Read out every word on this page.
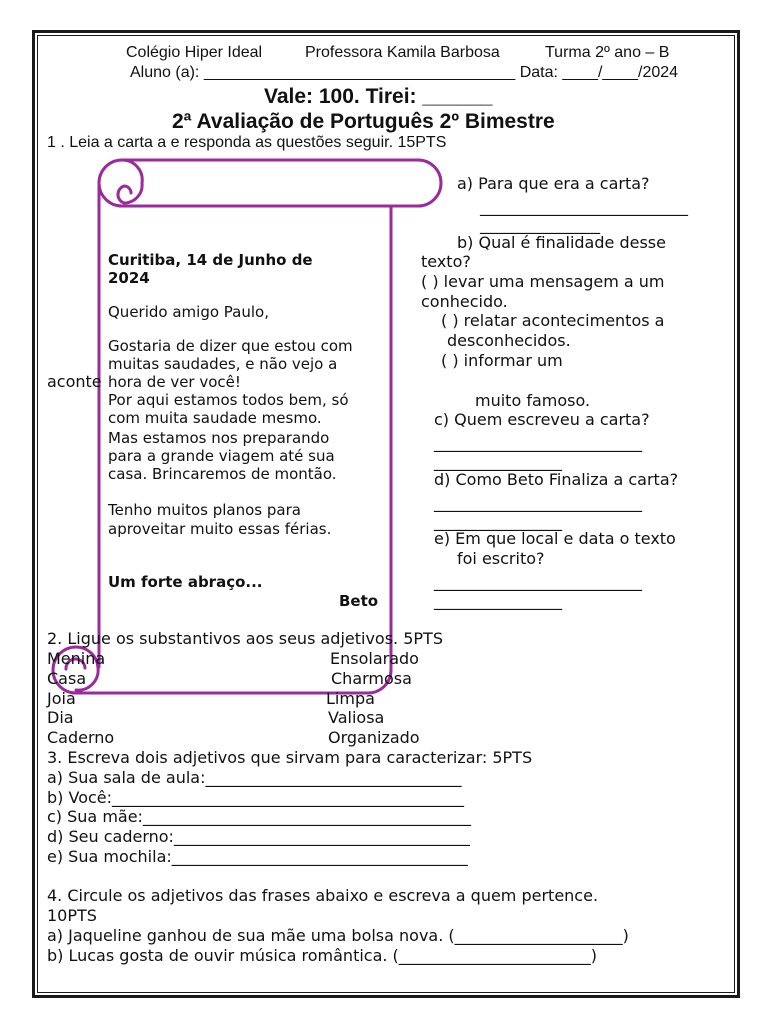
Colégio Hiper Ideal	Professora Kamila Barbosa	Turma 2º ano – B
Aluno (a): ___________________________________ Data: ____/____/2024
Vale: 100. Tirei: ______
2ª Avaliação de Português 2º Bimestre
1 . Leia a carta a e responda as questões seguir. 15PTS
Curitiba, 14 de Junho de
2024
Querido amigo Paulo,
Gostaria de dizer que estou com
muitas saudades, e não vejo a
hora de ver você!
Por aqui estamos todos bem, só
com muita saudade mesmo.
Mas estamos nos preparando
para a grande viagem até sua
casa. Brincaremos de montão.
Tenho muitos planos para
aproveitar muito essas férias.
Um forte abraço...
Beto
aconte
a) Para que era a carta?
__________________________
_______________
b) Qual é finalidade desse
texto?
( ) levar uma mensagem a um
conhecido.
( ) relatar acontecimentos a
desconhecidos.
( ) informar um
muito famoso.
c) Quem escreveu a carta?
__________________________
________________
d) Como Beto Finaliza a carta?
__________________________
________________
e) Em que local e data o texto
foi escrito?
__________________________
________________
2. Ligue os substantivos aos seus adjetivos. 5PTS
Menina
Casa
Joia
Dia
Caderno
Ensolarado
Charmosa
Limpa
Valiosa
Organizado
3. Escreva dois adjetivos que sirvam para caracterizar: 5PTS
a) Sua sala de aula:________________________________
b) Você:____________________________________________
c) Sua mãe:_________________________________________
d) Seu caderno:_____________________________________
e) Sua mochila:_____________________________________
4. Circule os adjetivos das frases abaixo e escreva a quem pertence.
10PTS
a) Jaqueline ganhou de sua mãe uma bolsa nova. (_____________________)
b) Lucas gosta de ouvir música romântica. (________________________)
